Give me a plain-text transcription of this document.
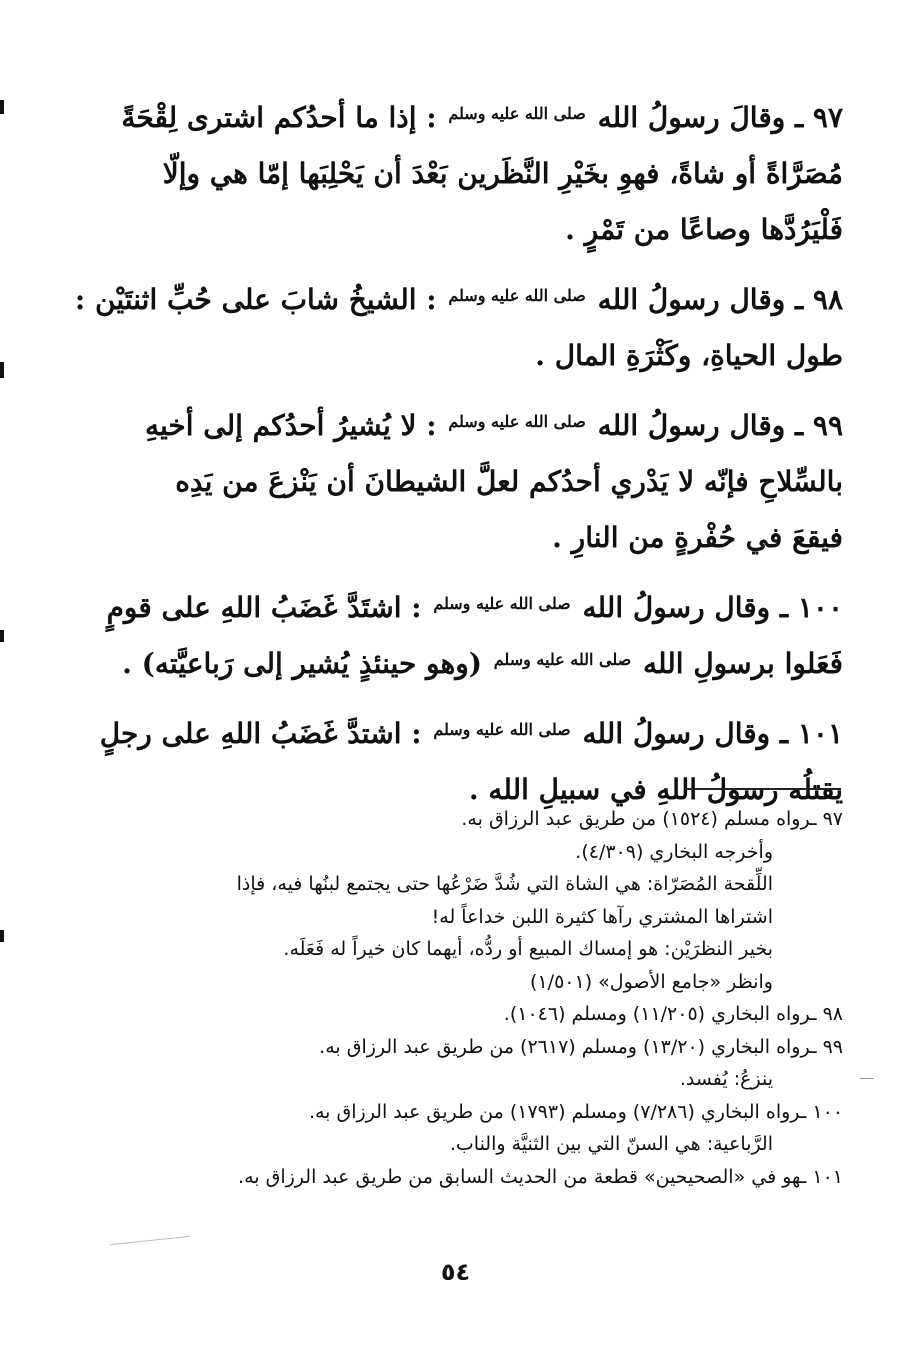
٩٧ ـ وقالَ رسولُ الله صلى الله عليه وسلم : إذا ما أحدُكم اشترى لِقْحَةً
مُصَرَّاةً أو شاةً، فهوِ بخَيْرِ النَّظَرين بَعْدَ أن يَحْلِبَها إمّا هي وإلّا
فَلْيَرُدَّها وصاعًا من تَمْرٍ .
٩٨ ـ وقال رسولُ الله صلى الله عليه وسلم : الشيخُ شابَ على حُبِّ اثنتَيْن :
طول الحياةِ، وكَثْرَةِ المال .
٩٩ ـ وقال رسولُ الله صلى الله عليه وسلم : لا يُشيرُ أحدُكم إلى أخيهِ
بالسِّلاحِ فإنّه لا يَدْري أحدُكم لعلَّ الشيطانَ أن يَنْزعَ من يَدِه
فيقعَ في حُفْرةٍ من النارِ .
١٠٠ ـ وقال رسولُ الله صلى الله عليه وسلم : اشتَدَّ غَضَبُ اللهِ على قومٍ
فَعَلوا برسولِ الله صلى الله عليه وسلم (وهو حينئذٍ يُشير إلى رَباعيَّته) .
١٠١ ـ وقال رسولُ الله صلى الله عليه وسلم : اشتدَّ غَضَبُ اللهِ على رجلٍ
يقتلُه رسولُ اللهِ في سبيلِ الله .
٩٧ ـرواه مسلم (١٥٢٤) من طريق عبد الرزاق به.
وأخرجه البخاري (٤/٣٠٩).
اللِّقحة المُصَرّاة: هي الشاة التي شُدَّ ضَرْعُها حتى يجتمع لبنُها فيه، فإذا
اشتراها المشتري رآها كثيرة اللبن خداعاً له!
بخير النظرَيْن: هو إمساك المبيع أو ردُّه، أيهما كان خيراً له فَعَلَه.
وانظر «جامع الأصول» (١/٥٠١)
٩٨ ـرواه البخاري (١١/٢٠٥) ومسلم (١٠٤٦).
٩٩ ـرواه البخاري (١٣/٢٠) ومسلم (٢٦١٧) من طريق عبد الرزاق به.
ينزعُ: يُفسد.
١٠٠ ـرواه البخاري (٧/٢٨٦) ومسلم (١٧٩٣) من طريق عبد الرزاق به.
الرَّباعية: هي السنّ التي بين الثنيَّة والناب.
١٠١ ـهو في «الصحيحين» قطعة من الحديث السابق من طريق عبد الرزاق به.
٥٤
